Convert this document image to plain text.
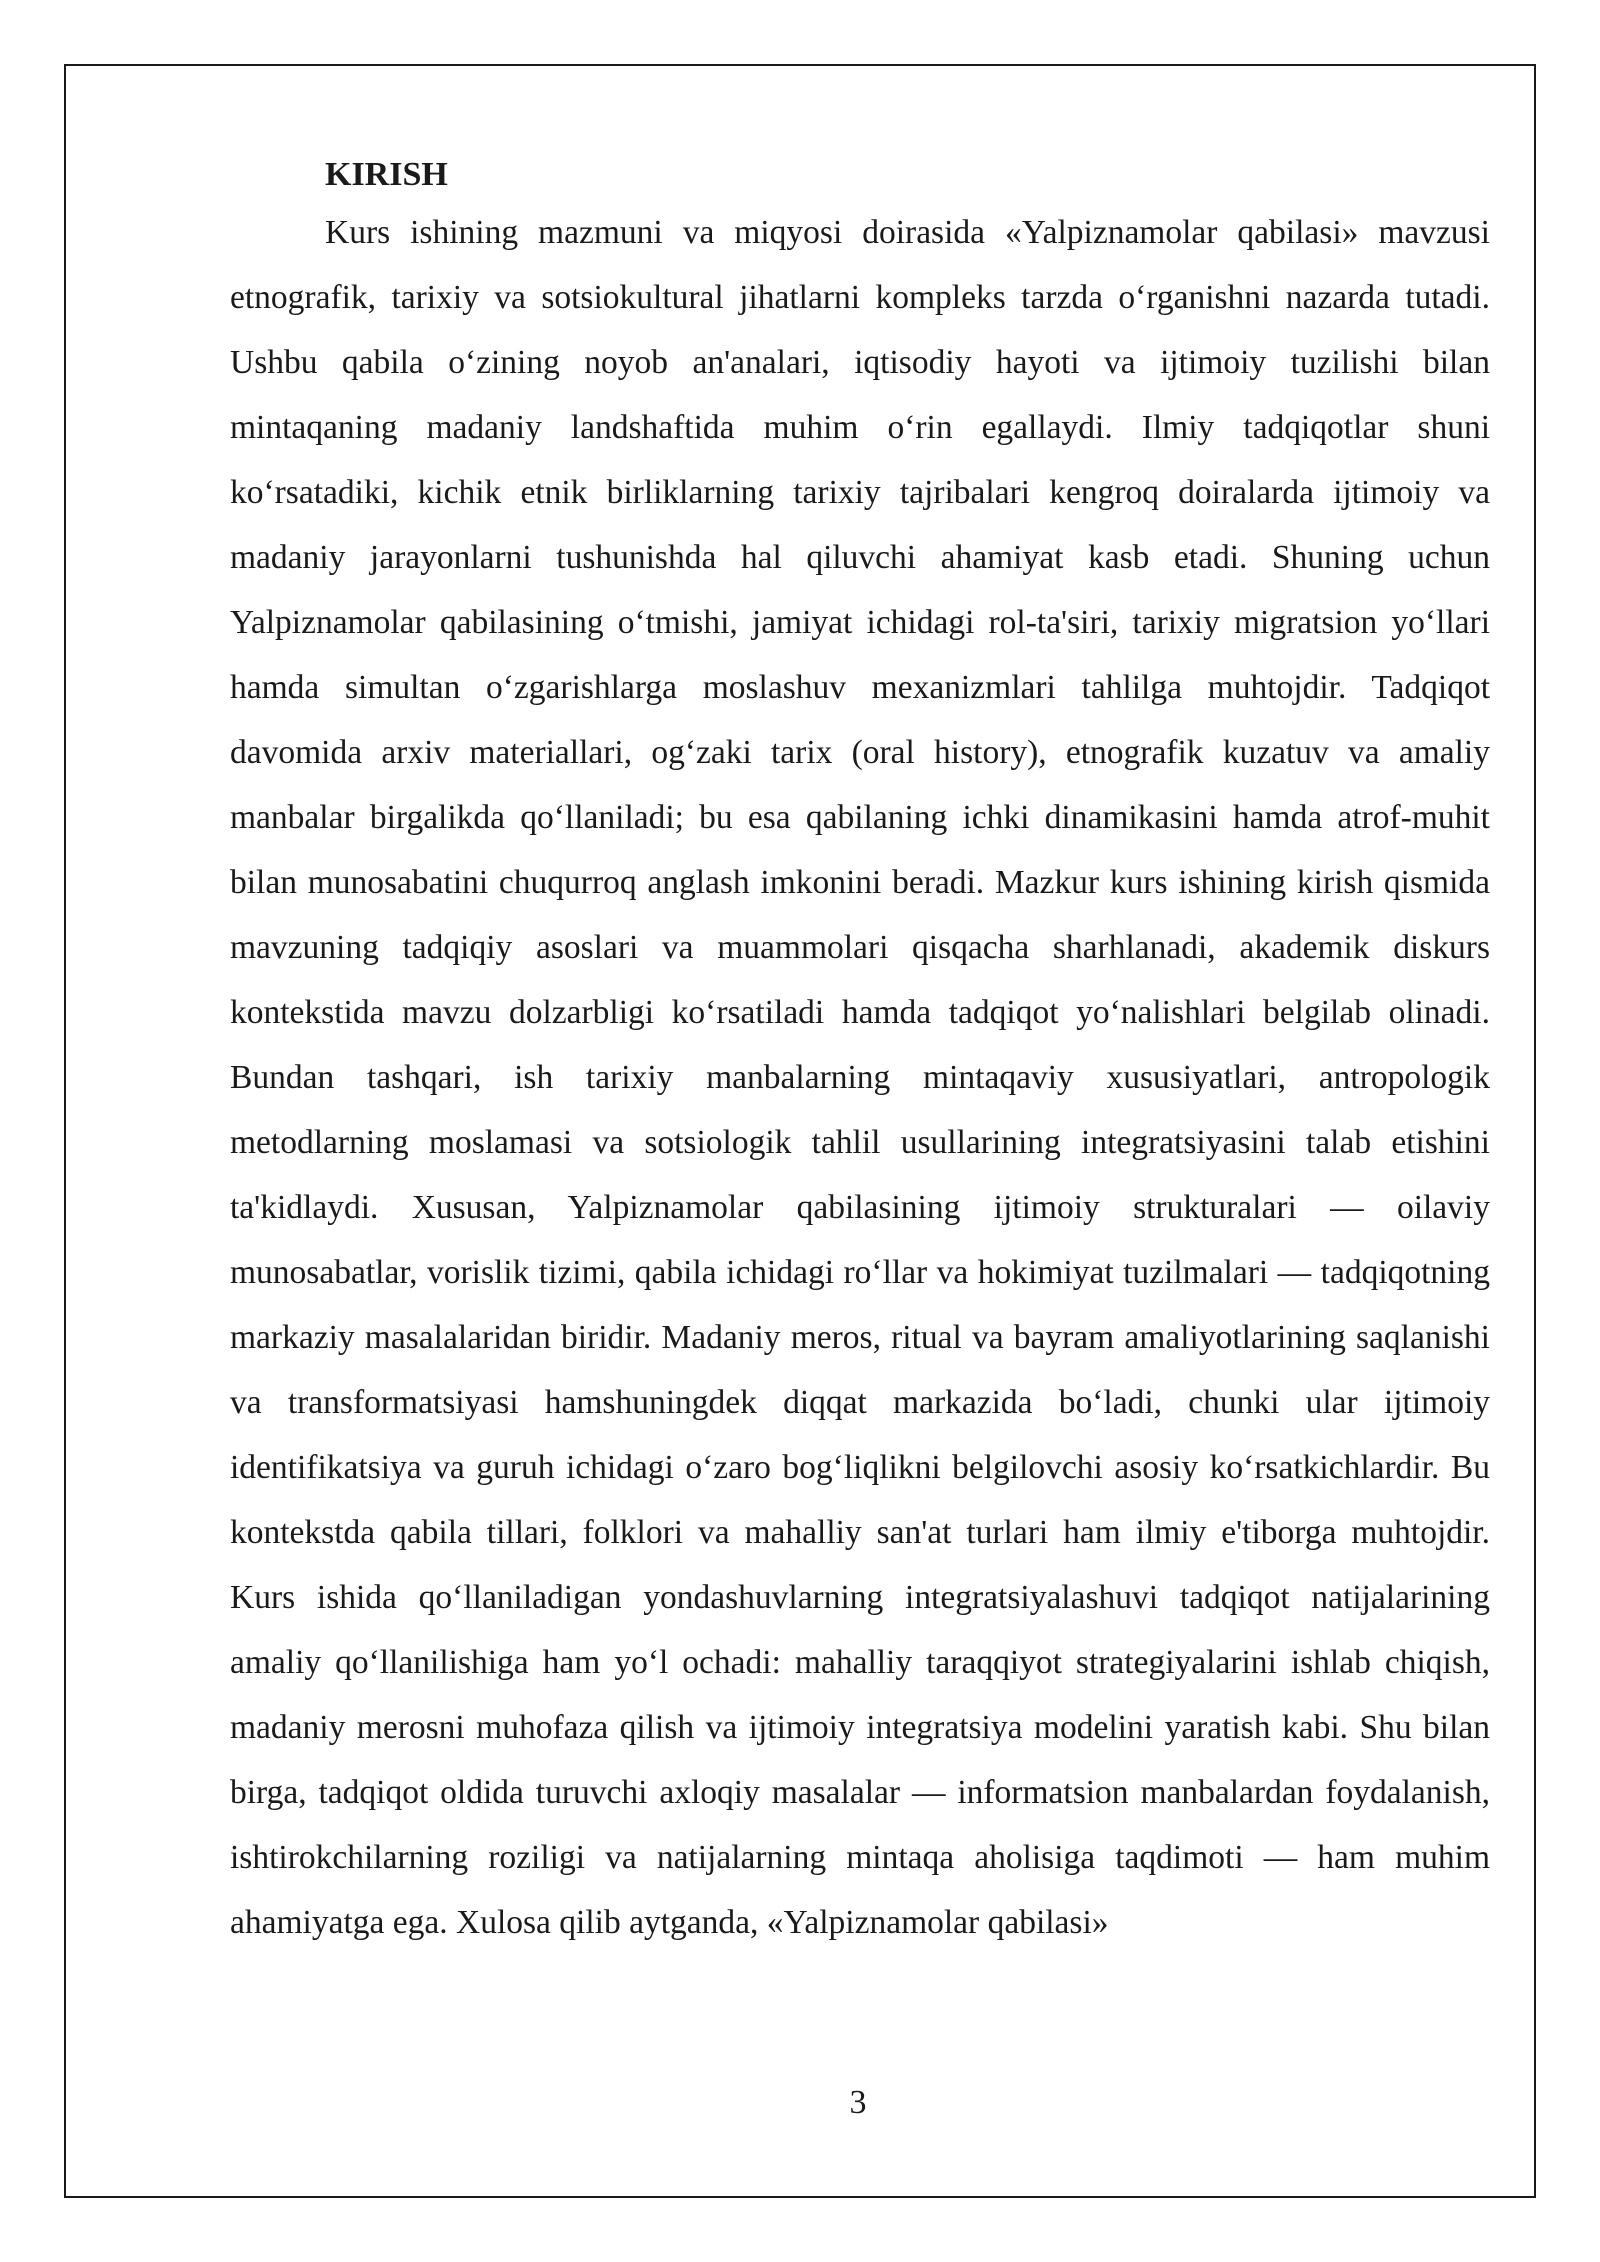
KIRISH

Kurs ishining mazmuni va miqyosi doirasida «Yalpiznamolar qabilasi» mavzusi etnografik, tarixiy va sotsiokultural jihatlarni kompleks tarzda oʻrganishni nazarda tutadi. Ushbu qabila oʻzining noyob an'analari, iqtisodiy hayoti va ijtimoiy tuzilishi bilan mintaqaning madaniy landshaftida muhim oʻrin egallaydi. Ilmiy tadqiqotlar shuni koʻrsatadiki, kichik etnik birliklarning tarixiy tajribalari kengroq doiralarda ijtimoiy va madaniy jarayonlarni tushunishda hal qiluvchi ahamiyat kasb etadi. Shuning uchun Yalpiznamolar qabilasining oʻtmishi, jamiyat ichidagi rol-ta'siri, tarixiy migratsion yoʻllari hamda simultan oʻzgarishlarga moslashuv mexanizmlari tahlilga muhtojdir. Tadqiqot davomida arxiv materiallari, ogʻzaki tarix (oral history), etnografik kuzatuv va amaliy manbalar birgalikda qoʻllaniladi; bu esa qabilaning ichki dinamikasini hamda atrof-muhit bilan munosabatini chuqurroq anglash imkonini beradi. Mazkur kurs ishining kirish qismida mavzuning tadqiqiy asoslari va muammolari qisqacha sharhlanadi, akademik diskurs kontekstida mavzu dolzarbligi koʻrsatiladi hamda tadqiqot yoʻnalishlari belgilab olinadi. Bundan tashqari, ish tarixiy manbalarning mintaqaviy xususiyatlari, antropologik metodlarning moslamasi va sotsiologik tahlil usullarining integratsiyasini talab etishini ta'kidlaydi. Xususan, Yalpiznamolar qabilasining ijtimoiy strukturalari — oilaviy munosabatlar, vorislik tizimi, qabila ichidagi roʻllar va hokimiyat tuzilmalari — tadqiqotning markaziy masalalaridan biridir. Madaniy meros, ritual va bayram amaliyotlarining saqlanishi va transformatsiyasi hamshuningdek diqqat markazida boʻladi, chunki ular ijtimoiy identifikatsiya va guruh ichidagi oʻzaro bogʻliqlikni belgilovchi asosiy koʻrsatkichlardir. Bu kontekstda qabila tillari, folklori va mahalliy san'at turlari ham ilmiy e'tiborga muhtojdir. Kurs ishida qoʻllaniladigan yondashuvlarning integratsiyalashuvi tadqiqot natijalarining amaliy qoʻllanilishiga ham yoʻl ochadi: mahalliy taraqqiyot strategiyalarini ishlab chiqish, madaniy merosni muhofaza qilish va ijtimoiy integratsiya modelini yaratish kabi. Shu bilan birga, tadqiqot oldida turuvchi axloqiy masalalar — informatsion manbalardan foydalanish, ishtirokchilarning roziligi va natijalarning mintaqa aholisiga taqdimoti — ham muhim ahamiyatga ega. Xulosa qilib aytganda, «Yalpiznamolar qabilasi»

3
